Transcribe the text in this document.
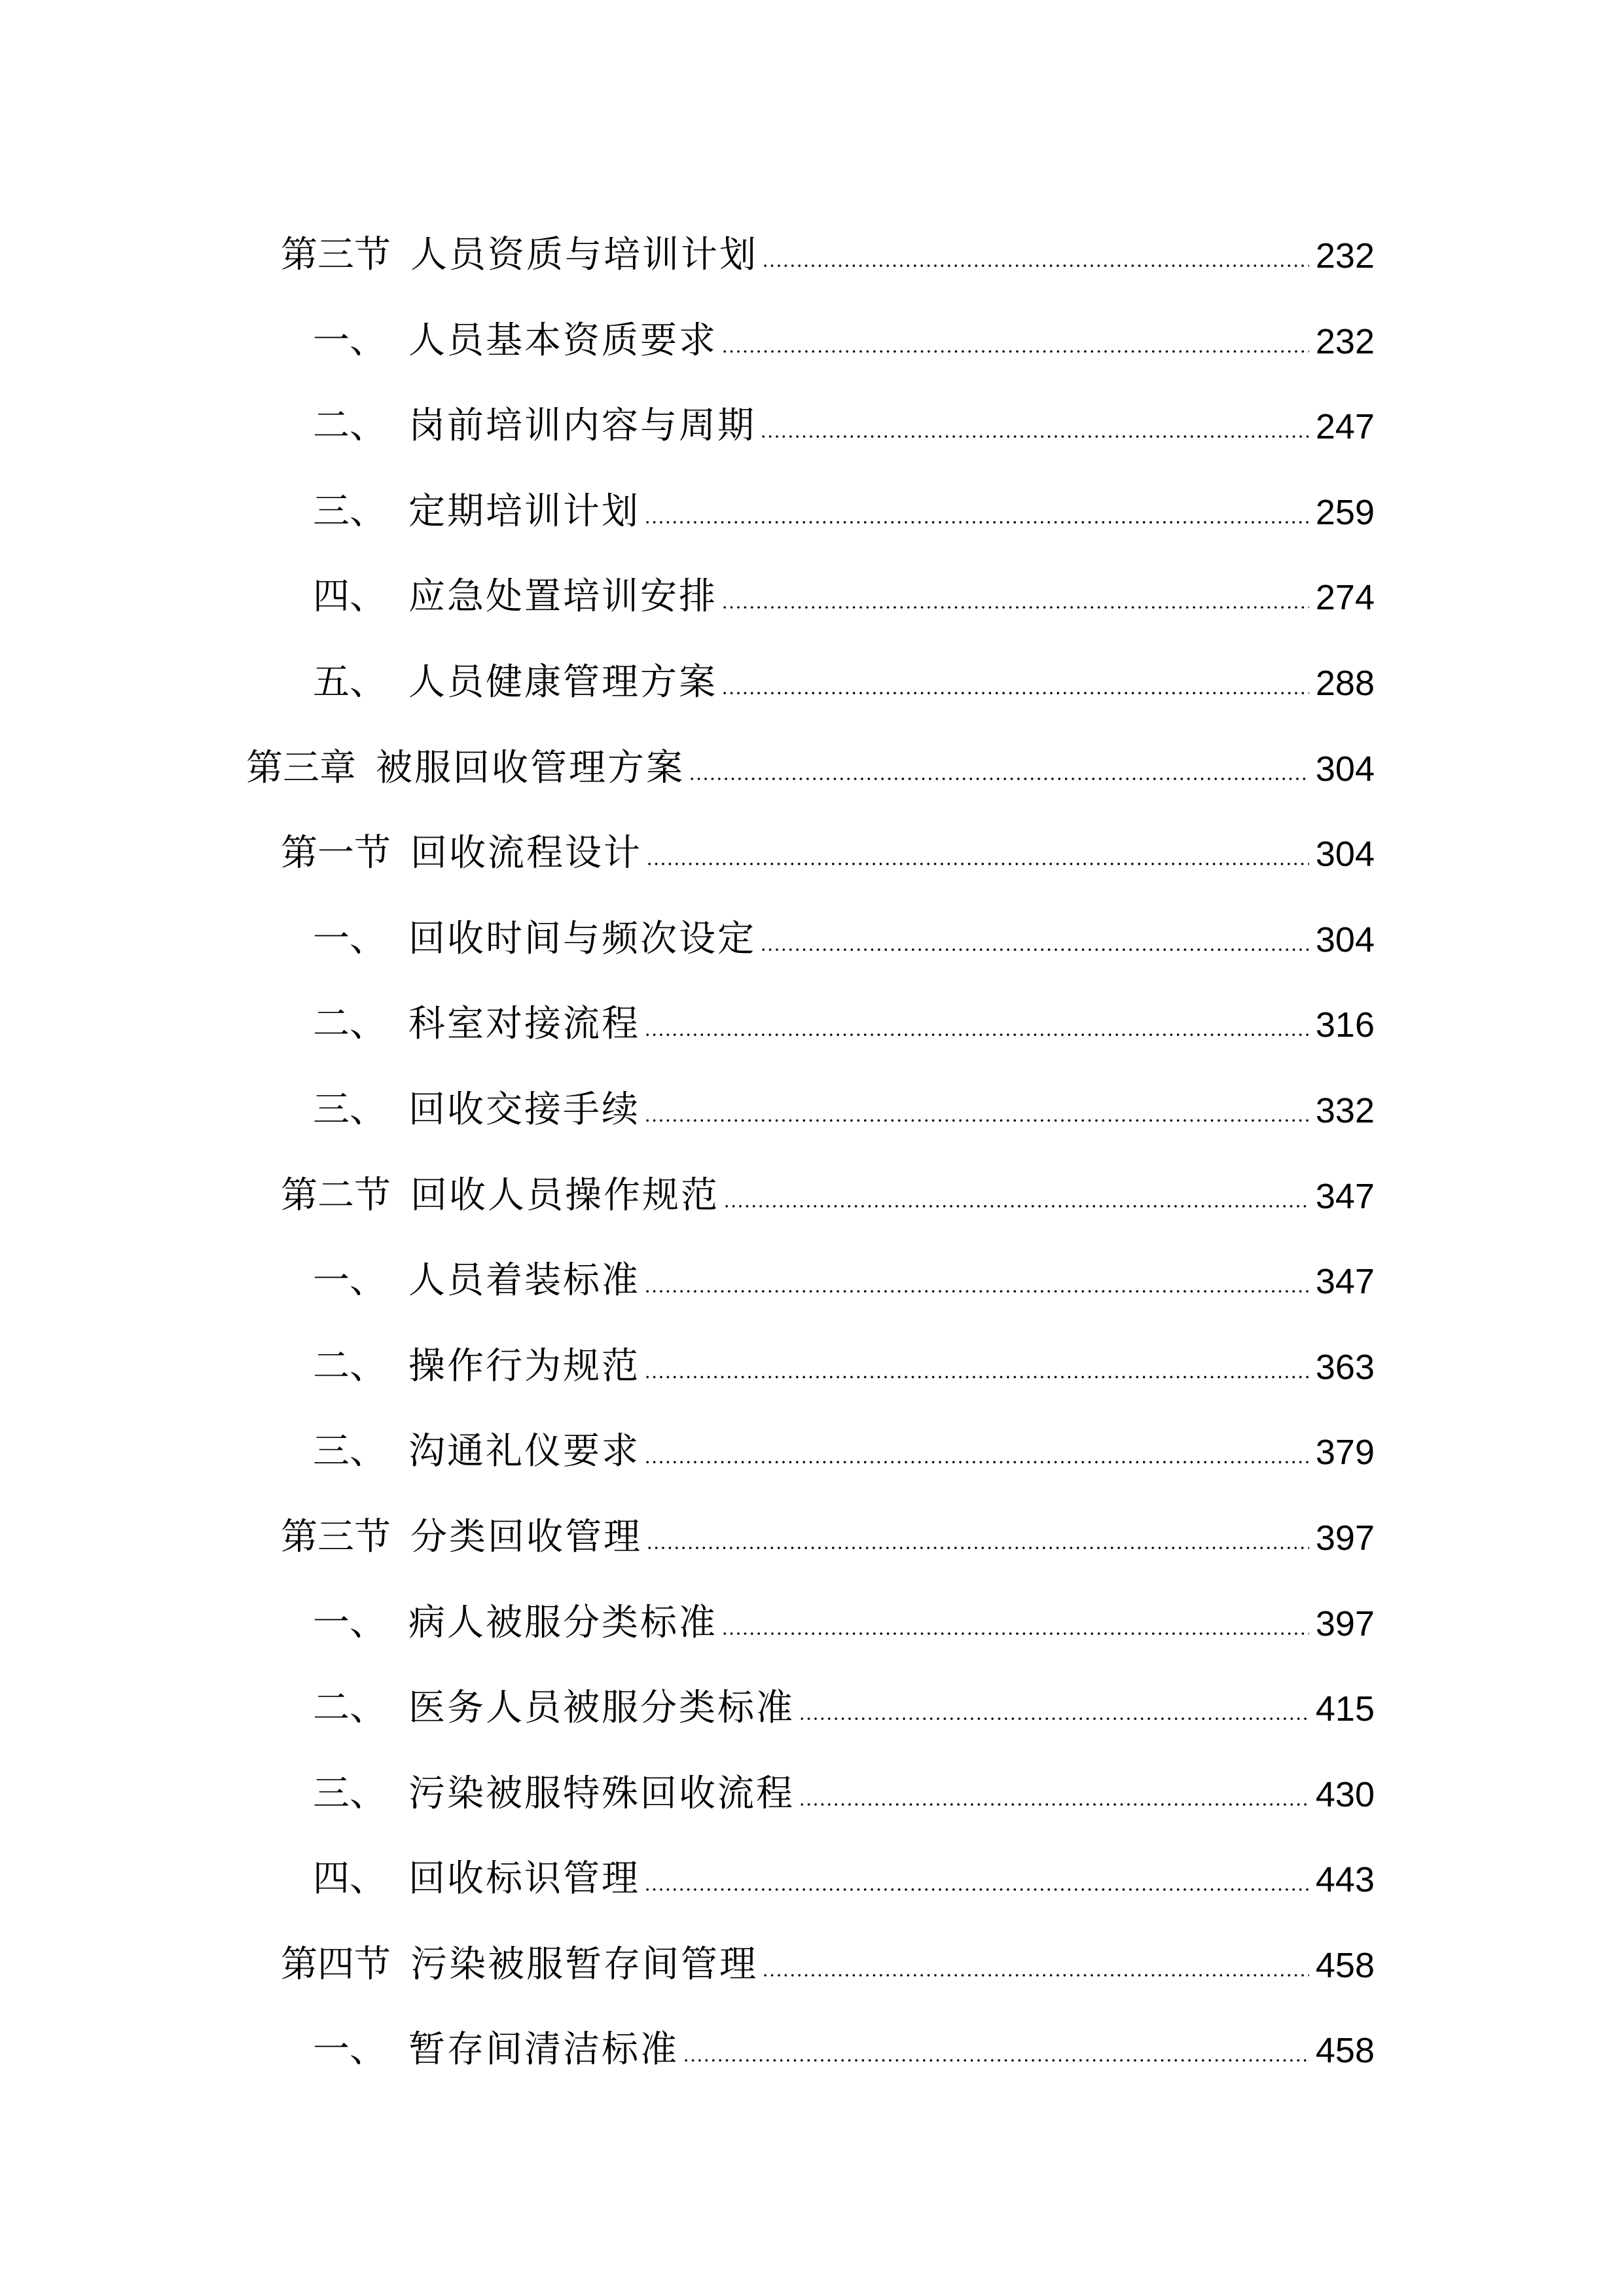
第三节 人员资质与培训计划	232
一、 人员基本资质要求	232
二、 岗前培训内容与周期	247
三、 定期培训计划	259
四、 应急处置培训安排	274
五、 人员健康管理方案	288
第三章 被服回收管理方案	304
第一节 回收流程设计	304
一、 回收时间与频次设定	304
二、 科室对接流程	316
三、 回收交接手续	332
第二节 回收人员操作规范	347
一、 人员着装标准	347
二、 操作行为规范	363
三、 沟通礼仪要求	379
第三节 分类回收管理	397
一、 病人被服分类标准	397
二、 医务人员被服分类标准	415
三、 污染被服特殊回收流程	430
四、 回收标识管理	443
第四节 污染被服暂存间管理	458
一、 暂存间清洁标准	458
